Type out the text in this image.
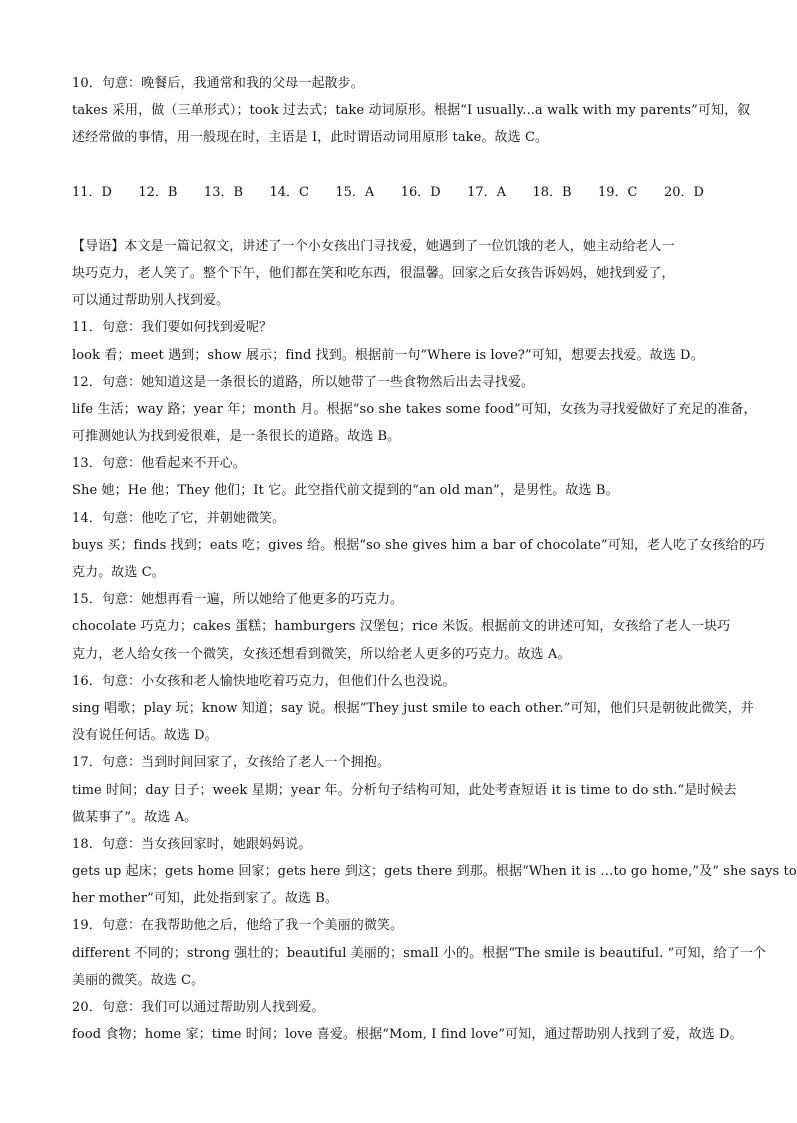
10．句意：晚餐后，我通常和我的父母一起散步。
takes 采用，做（三单形式）；took 过去式；take 动词原形。根据“I usually...a walk with my parents”可知，叙
述经常做的事情，用一般现在时，主语是 I，此时谓语动词用原形 take。故选 C。
11．D 12．B 13．B 14．C 15．A 16．D 17．A 18．B 19．C 20．D
【导语】本文是一篇记叙文，讲述了一个小女孩出门寻找爱，她遇到了一位饥饿的老人，她主动给老人一
块巧克力，老人笑了。整个下午，他们都在笑和吃东西，很温馨。回家之后女孩告诉妈妈，她找到爱了，
可以通过帮助别人找到爱。
11．句意：我们要如何找到爱呢？
look 看；meet 遇到；show 展示；find 找到。根据前一句“Where is love?”可知，想要去找爱。故选 D。
12．句意：她知道这是一条很长的道路，所以她带了一些食物然后出去寻找爱。
life 生活；way 路；year 年；month 月。根据“so she takes some food”可知，女孩为寻找爱做好了充足的准备，
可推测她认为找到爱很难，是一条很长的道路。故选 B。
13．句意：他看起来不开心。
She 她；He 他；They 他们；It 它。此空指代前文提到的“an old man”，是男性。故选 B。
14．句意：他吃了它，并朝她微笑。
buys 买；finds 找到；eats 吃；gives 给。根据“so she gives him a bar of chocolate”可知，老人吃了女孩给的巧
克力。故选 C。
15．句意：她想再看一遍，所以她给了他更多的巧克力。
chocolate 巧克力；cakes 蛋糕；hamburgers 汉堡包；rice 米饭。根据前文的讲述可知，女孩给了老人一块巧
克力，老人给女孩一个微笑，女孩还想看到微笑，所以给老人更多的巧克力。故选 A。
16．句意：小女孩和老人愉快地吃着巧克力，但他们什么也没说。
sing 唱歌；play 玩；know 知道；say 说。根据“They just smile to each other.”可知，他们只是朝彼此微笑，并
没有说任何话。故选 D。
17．句意：当到时间回家了，女孩给了老人一个拥抱。
time 时间；day 日子；week 星期；year 年。分析句子结构可知，此处考查短语 it is time to do sth.“是时候去
做某事了”。故选 A。
18．句意：当女孩回家时，她跟妈妈说。
gets up 起床；gets home 回家；gets here 到这；gets there 到那。根据“When it is …to go home,”及“ she says to
her mother”可知，此处指到家了。故选 B。
19．句意：在我帮助他之后，他给了我一个美丽的微笑。
different 不同的；strong 强壮的；beautiful 美丽的；small 小的。根据“The smile is beautiful. ”可知，给了一个
美丽的微笑。故选 C。
20．句意：我们可以通过帮助别人找到爱。
food 食物；home 家；time 时间；love 喜爱。根据“Mom, I find love”可知，通过帮助别人找到了爱，故选 D。
